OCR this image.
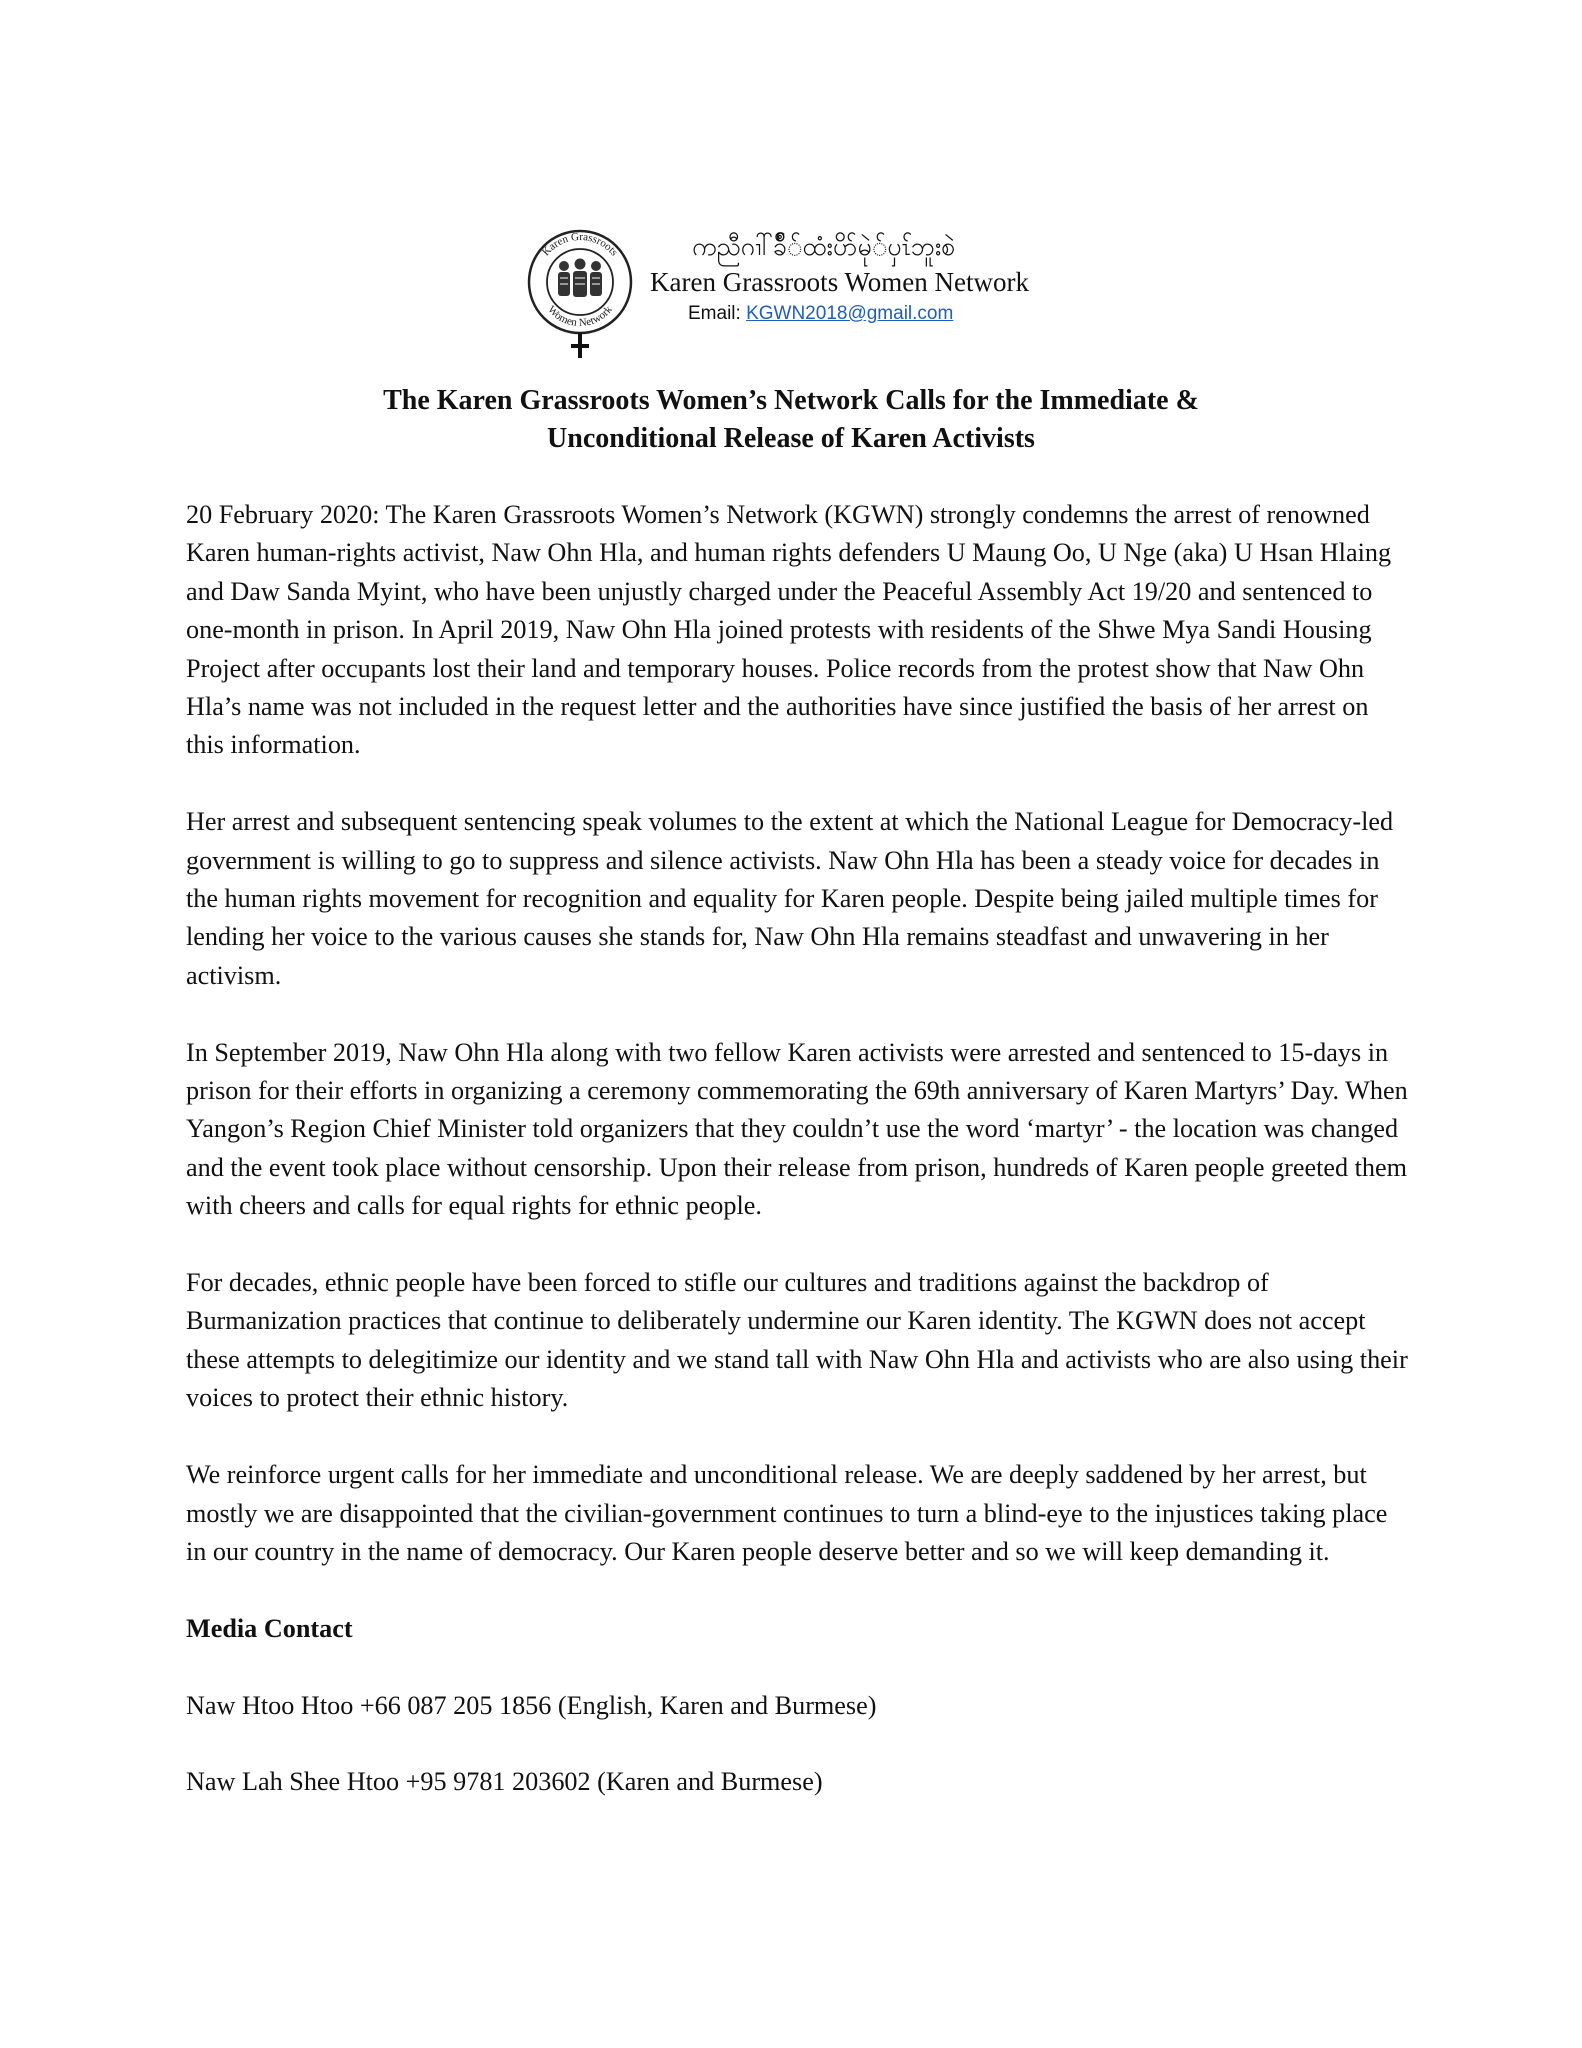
Karen Grassroots
Women Network
ကညီဂၢါ်ခ်ိဳ်ထံးပိာ်မုဲ်ပှၤ်ဘူးစဲ
Karen Grassroots Women Network
Email: KGWN2018@gmail.com
The Karen Grassroots Women’s Network Calls for the Immediate &
Unconditional Release of Karen Activists

20 February 2020: The Karen Grassroots Women’s Network (KGWN) strongly condemns the arrest of renowned Karen human-rights activist, Naw Ohn Hla, and human rights defenders U Maung Oo, U Nge (aka) U Hsan Hlaing and Daw Sanda Myint, who have been unjustly charged under the Peaceful Assembly Act 19/20 and sentenced to one-month in prison. In April 2019, Naw Ohn Hla joined protests with residents of the Shwe Mya Sandi Housing Project after occupants lost their land and temporary houses. Police records from the protest show that Naw Ohn Hla’s name was not included in the request letter and the authorities have since justified the basis of her arrest on this information.

Her arrest and subsequent sentencing speak volumes to the extent at which the National League for Democracy-led government is willing to go to suppress and silence activists. Naw Ohn Hla has been a steady voice for decades in the human rights movement for recognition and equality for Karen people. Despite being jailed multiple times for lending her voice to the various causes she stands for, Naw Ohn Hla remains steadfast and unwavering in her activism.

In September 2019, Naw Ohn Hla along with two fellow Karen activists were arrested and sentenced to 15-days in prison for their efforts in organizing a ceremony commemorating the 69th anniversary of Karen Martyrs’ Day. When Yangon’s Region Chief Minister told organizers that they couldn’t use the word ‘martyr’ - the location was changed and the event took place without censorship. Upon their release from prison, hundreds of Karen people greeted them with cheers and calls for equal rights for ethnic people.

For decades, ethnic people have been forced to stifle our cultures and traditions against the backdrop of Burmanization practices that continue to deliberately undermine our Karen identity. The KGWN does not accept these attempts to delegitimize our identity and we stand tall with Naw Ohn Hla and activists who are also using their voices to protect their ethnic history.

We reinforce urgent calls for her immediate and unconditional release. We are deeply saddened by her arrest, but mostly we are disappointed that the civilian-government continues to turn a blind-eye to the injustices taking place in our country in the name of democracy. Our Karen people deserve better and so we will keep demanding it.

Media Contact

Naw Htoo Htoo +66 087 205 1856 (English, Karen and Burmese)

Naw Lah Shee Htoo +95 9781 203602 (Karen and Burmese)
